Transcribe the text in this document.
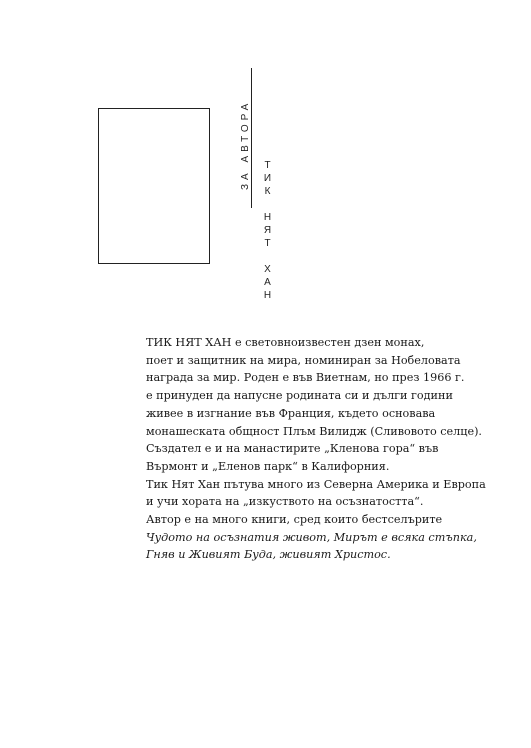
ЗА АВТОРА
ТИК НЯТ ХАН

ТИК НЯТ ХАН е световноизвестен дзен монах,

поет и защитник на мира, номиниран за Нобеловата

награда за мир. Роден е във Виетнам, но през 1966 г.

е принуден да напусне родината си и дълги години

живее в изгнание във Франция, където основава

монашеската общност Плъм Вилидж (Сливовото селце).

Създател е и на манастирите „Кленова гора“ във

Върмонт и „Еленов парк“ в Калифорния.

Тик Нят Хан пътува много из Северна Америка и Европа

и учи хората на „изкуството на осъзнатостта“.

Автор е на много книги, сред които бестселърите

Чудото на осъзнатия живот, Мирът е всяка стъпка,

Гняв и Живият Буда, живият Христос.
